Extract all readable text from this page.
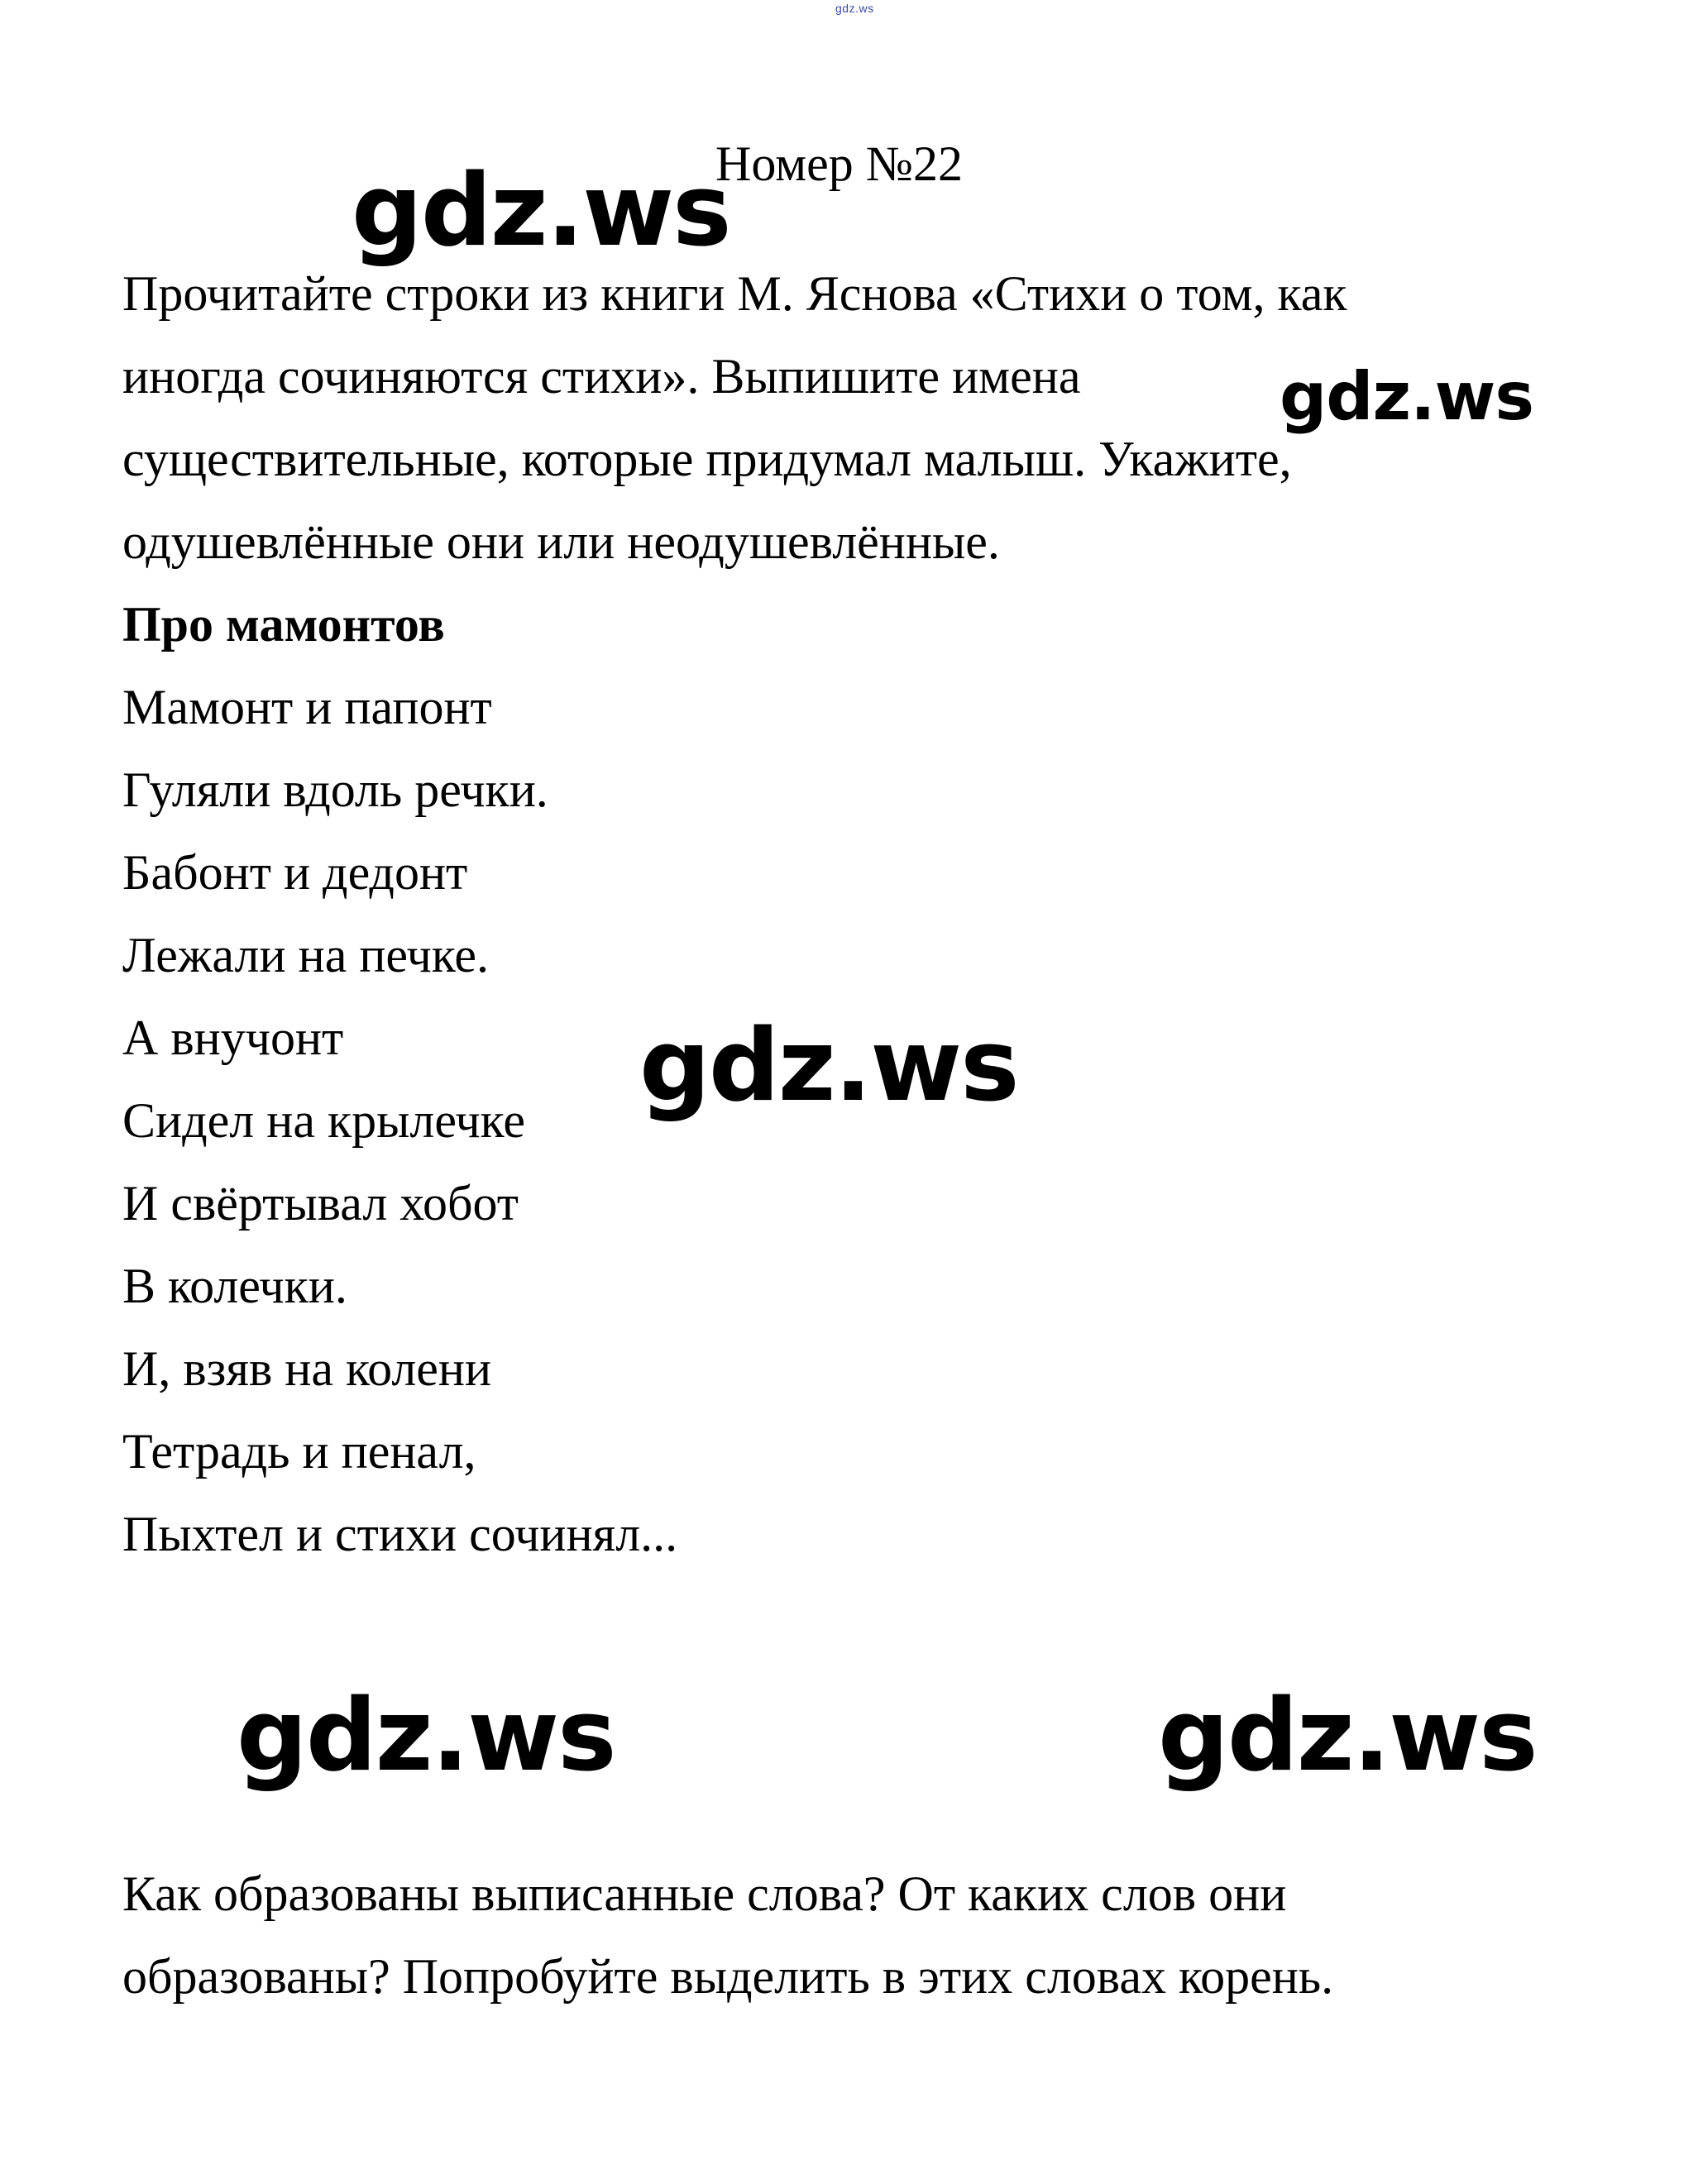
gdz.ws
Номер №22
gdz.ws
gdz.ws
Прочитайте строки из книги М. Яснова «Стихи о том, как
иногда сочиняются стихи». Выпишите имена
существительные, которые придумал малыш. Укажите,
одушевлённые они или неодушевлённые.
Про мамонтов
Мамонт и папонт
Гуляли вдоль речки.
Бабонт и дедонт
Лежали на печке.
А внучонт
Сидел на крылечке
И свёртывал хобот
В колечки.
И, взяв на колени
Тетрадь и пенал,
Пыхтел и стихи сочинял...
gdz.ws
gdz.ws	gdz.ws
Как образованы выписанные слова? От каких слов они
образованы? Попробуйте выделить в этих словах корень.
